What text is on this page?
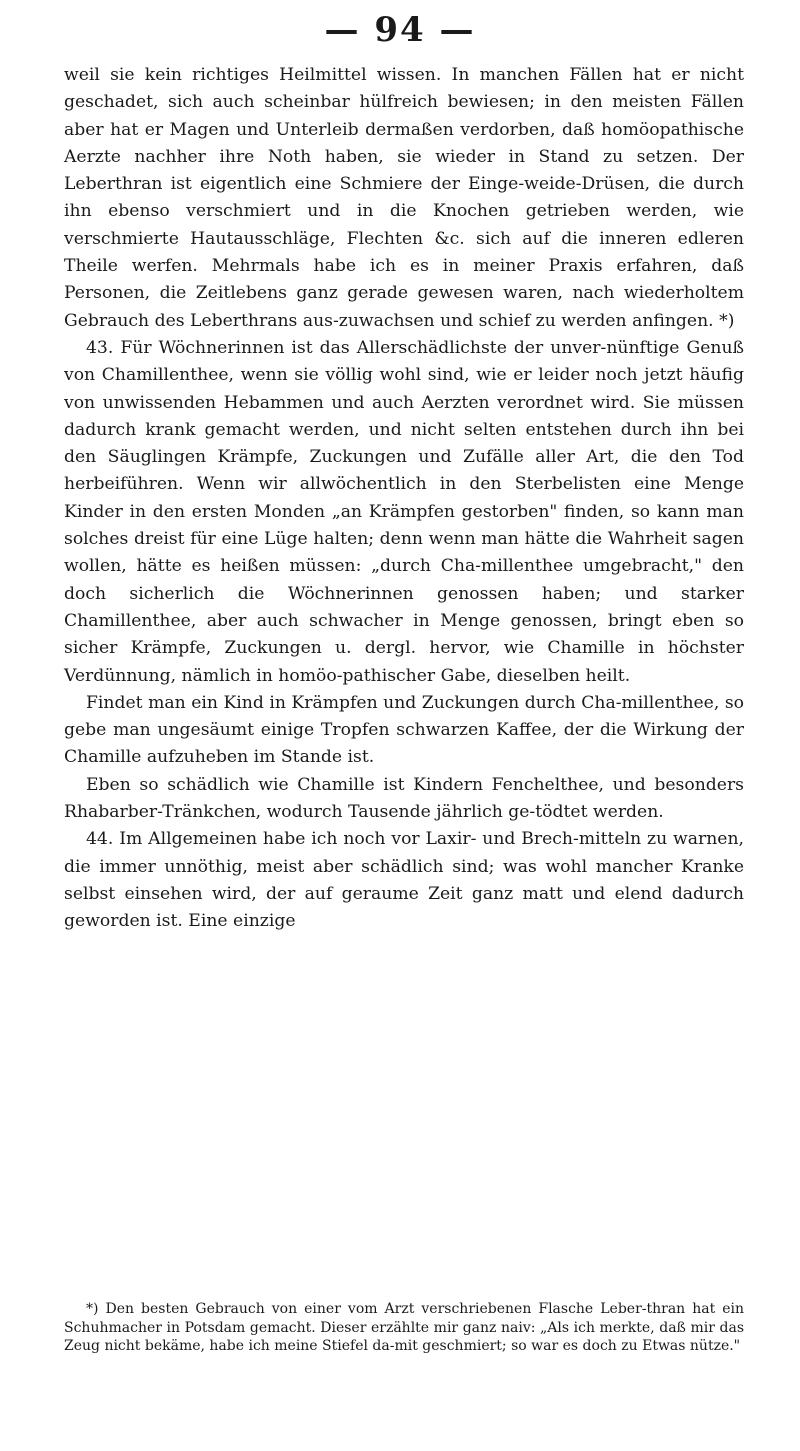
— 94 —

weil sie kein richtiges Heilmittel wissen. In manchen Fällen hat er nicht geschadet, sich auch scheinbar hülfreich bewiesen; in den meisten Fällen aber hat er Magen und Unterleib dermaßen verdorben, daß homöopathische Aerzte nachher ihre Noth haben, sie wieder in Stand zu setzen. Der Leberthran ist eigentlich eine Schmiere der Einge-weide-Drüsen, die durch ihn ebenso verschmiert und in die Knochen getrieben werden, wie verschmierte Hautausschläge, Flechten &c. sich auf die inneren edleren Theile werfen. Mehrmals habe ich es in meiner Praxis erfahren, daß Personen, die Zeitlebens ganz gerade gewesen waren, nach wiederholtem Gebrauch des Leberthrans aus-zuwachsen und schief zu werden anfingen. *)

43. Für Wöchnerinnen ist das Allerschädlichste der unver-nünftige Genuß von Chamillenthee, wenn sie völlig wohl sind, wie er leider noch jetzt häufig von unwissenden Hebammen und auch Aerzten verordnet wird. Sie müssen dadurch krank gemacht werden, und nicht selten entstehen durch ihn bei den Säuglingen Krämpfe, Zuckungen und Zufälle aller Art, die den Tod herbeiführen. Wenn wir allwöchentlich in den Sterbelisten eine Menge Kinder in den ersten Monden „an Krämpfen gestorben" finden, so kann man solches dreist für eine Lüge halten; denn wenn man hätte die Wahrheit sagen wollen, hätte es heißen müssen: „durch Cha-millenthee umgebracht," den doch sicherlich die Wöchnerinnen genossen haben; und starker Chamillenthee, aber auch schwacher in Menge genossen, bringt eben so sicher Krämpfe, Zuckungen u. dergl. hervor, wie Chamille in höchster Verdünnung, nämlich in homöo-pathischer Gabe, dieselben heilt.

Findet man ein Kind in Krämpfen und Zuckungen durch Cha-millenthee, so gebe man ungesäumt einige Tropfen schwarzen Kaffee, der die Wirkung der Chamille aufzuheben im Stande ist.

Eben so schädlich wie Chamille ist Kindern Fenchelthee, und besonders Rhabarber-Tränkchen, wodurch Tausende jährlich ge-tödtet werden.

44. Im Allgemeinen habe ich noch vor Laxir- und Brech-mitteln zu warnen, die immer unnöthig, meist aber schädlich sind; was wohl mancher Kranke selbst einsehen wird, der auf geraume Zeit ganz matt und elend dadurch geworden ist. Eine einzige

*) Den besten Gebrauch von einer vom Arzt verschriebenen Flasche Leber-thran hat ein Schuhmacher in Potsdam gemacht. Dieser erzählte mir ganz naiv: „Als ich merkte, daß mir das Zeug nicht bekäme, habe ich meine Stiefel da-mit geschmiert; so war es doch zu Etwas nütze."
